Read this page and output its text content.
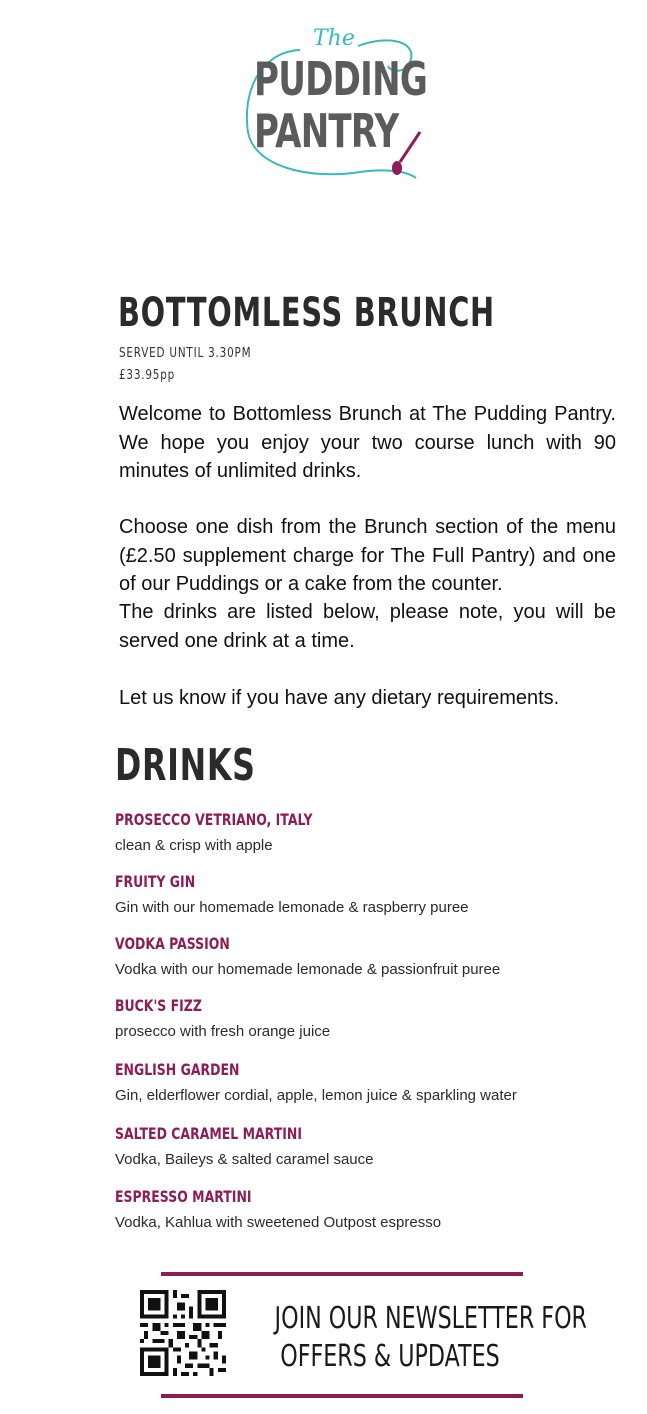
The
PUDDING
PANTRY
BOTTOMLESS BRUNCH
SERVED UNTIL 3.30PM
£33.95pp

Welcome to Bottomless Brunch at The Pudding Pantry. We hope you enjoy your two course lunch with 90 minutes of unlimited drinks.

Choose one dish from the Brunch section of the menu (£2.50 supplement charge for The Full Pantry) and one of our Puddings or a cake from the counter.

The drinks are listed below, please note, you will be served one drink at a time.

Let us know if you have any dietary requirements.

DRINKS
PROSECCO VETRIANO, ITALY
clean & crisp with apple
FRUITY GIN
Gin with our homemade lemonade & raspberry puree
VODKA PASSION
Vodka with our homemade lemonade & passionfruit puree
BUCK'S FIZZ
prosecco with fresh orange juice
ENGLISH GARDEN
Gin, elderflower cordial, apple, lemon juice & sparkling water
SALTED CARAMEL MARTINI
Vodka, Baileys & salted caramel sauce
ESPRESSO MARTINI
Vodka, Kahlua with sweetened Outpost espresso
JOIN OUR NEWSLETTER FOR
OFFERS & UPDATES
